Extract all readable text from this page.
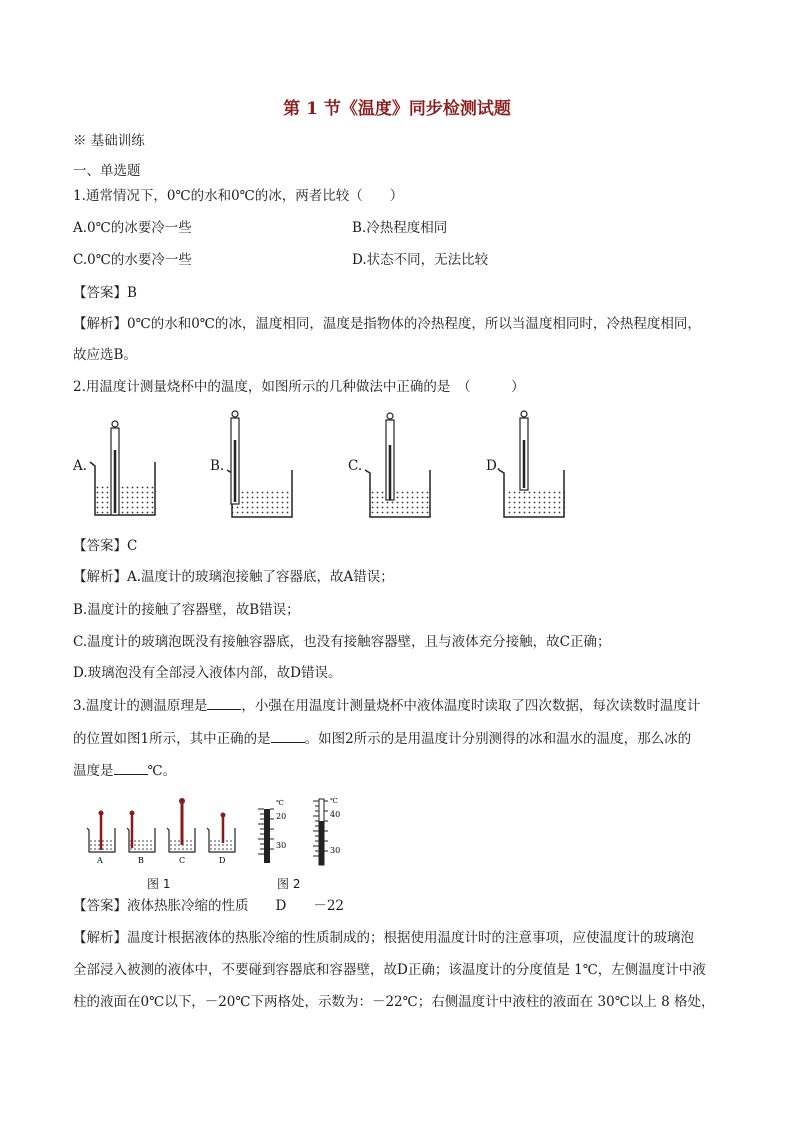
第 1 节《温度》同步检测试题
※ 基础训练
一、单选题
1.通常情况下，0℃的水和0℃的冰，两者比较（　　）
A.0℃的冰要冷一些	B.冷热程度相同
C.0℃的水要冷一些	D.状态不同，无法比较
【答案】B
【解析】0℃的水和0℃的冰，温度相同，温度是指物体的冷热程度，所以当温度相同时，冷热程度相同，
故应选B。
2.用温度计测量烧杯中的温度，如图所示的几种做法中正确的是　（　　　）
A.	B.	C.	D.
【答案】C
【解析】A.温度计的玻璃泡接触了容器底，故A错误；
B.温度计的接触了容器壁，故B错误；
C.温度计的玻璃泡既没有接触容器底，也没有接触容器壁，且与液体充分接触，故C正确；
D.玻璃泡没有全部浸入液体内部，故D错误。
3.温度计的测温原理是	，小强在用温度计测量烧杯中液体温度时读取了四次数据，每次读数时温度计
的位置如图1所示，其中正确的是	。如图2所示的是用温度计分别测得的冰和温水的温度，那么冰的
温度是	℃。
A	B	C	D
℃
20
30
℃
40
30
图 1	图 2
【答案】液体热胀冷缩的性质　　D　　－22
【解析】温度计根据液体的热胀冷缩的性质制成的；根据使用温度计时的注意事项，应使温度计的玻璃泡
全部浸入被测的液体中，不要碰到容器底和容器壁，故D正确；该温度计的分度值是 1℃，左侧温度计中液
柱的液面在0℃以下，－20℃下两格处，示数为：－22℃；右侧温度计中液柱的液面在 30℃以上 8 格处，
